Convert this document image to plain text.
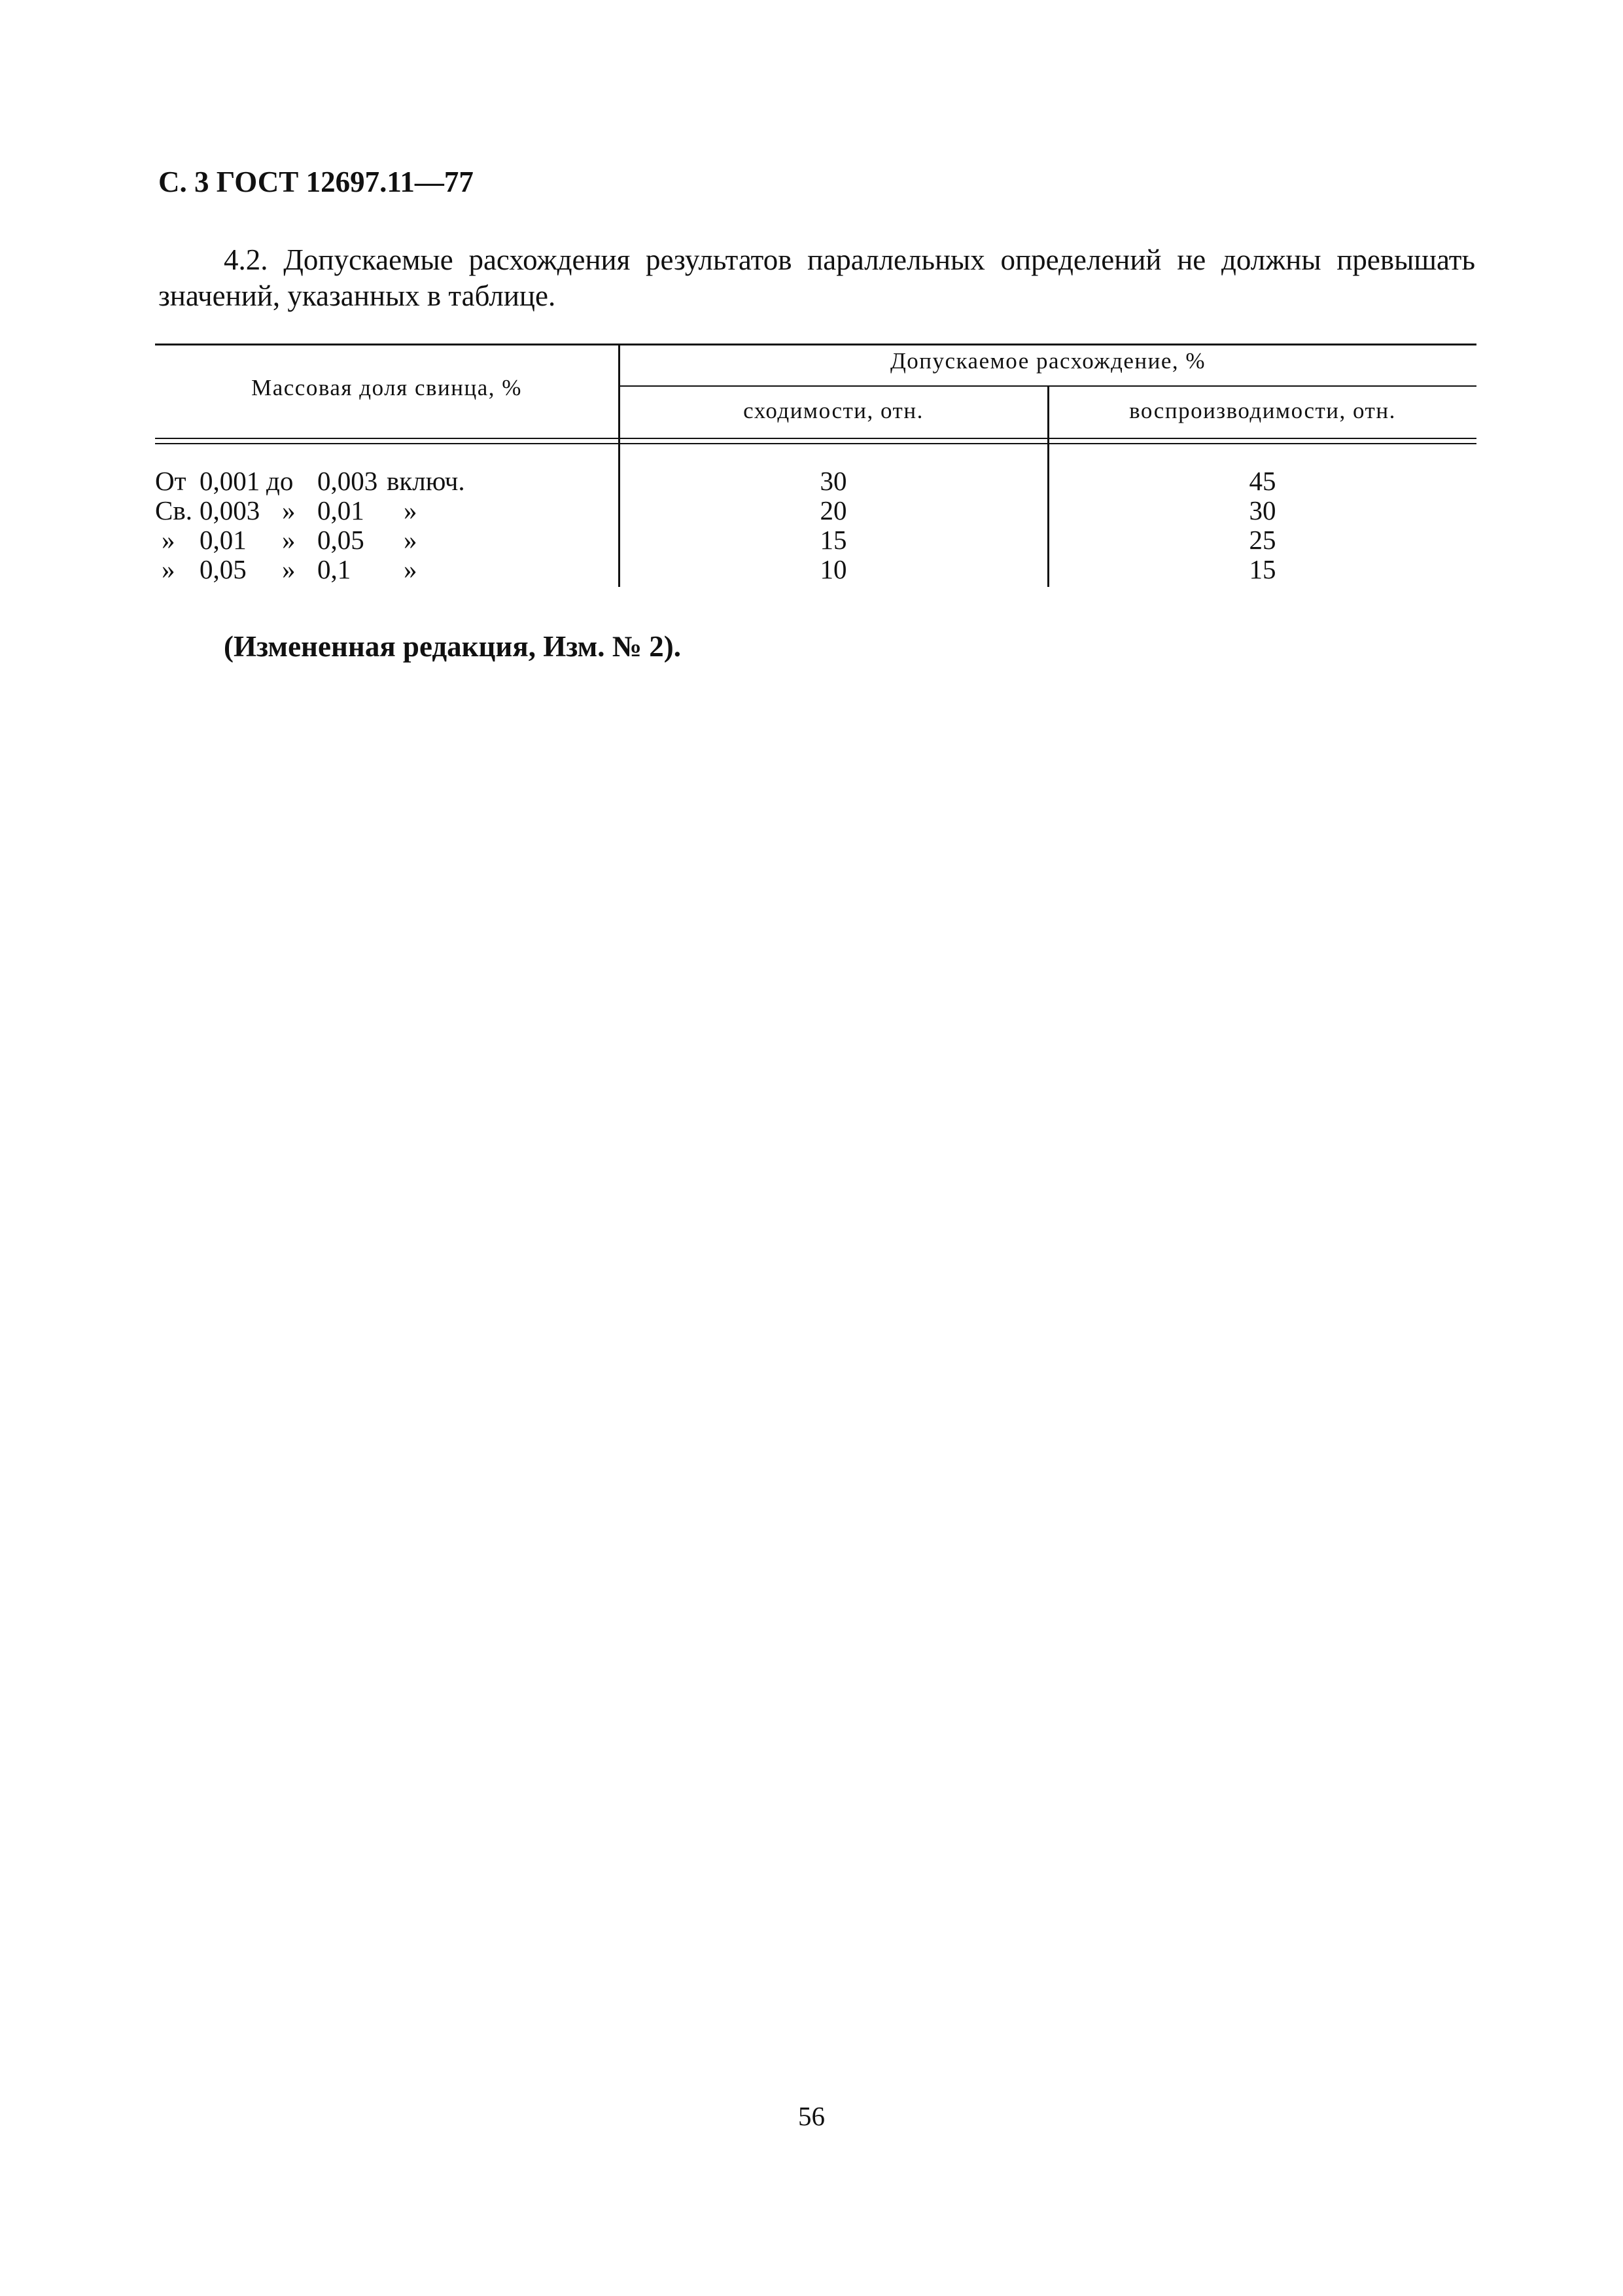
С. 3 ГОСТ 12697.11—77

4.2. Допускаемые расхождения результатов параллельных определений не должны превышать значений, указанных в таблице.

Массовая доля свинца, %
Допускаемое расхождение, %
сходимости, отн.	воспроизводимости, отн.
От 0,001 до 0,003 включ.	30	45
Св. 0,003 » 0,01 »	20	30
» 0,01 » 0,05 »	15	25
» 0,05 » 0,1 »	10	15
(Измененная редакция, Изм. № 2).
56
